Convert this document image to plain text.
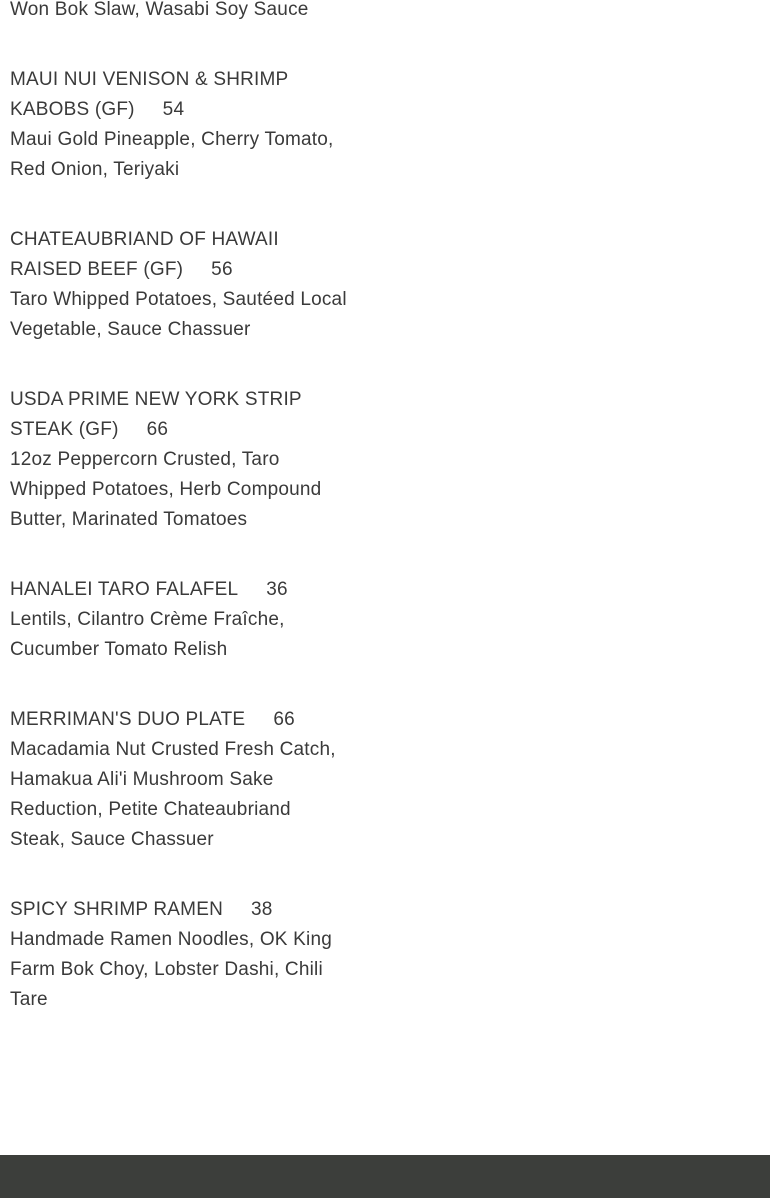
Won Bok Slaw, Wasabi Soy Sauce
MAUI NUI VENISON & SHRIMP KABOBS (GF) 54
Maui Gold Pineapple, Cherry Tomato, Red Onion, Teriyaki
CHATEAUBRIAND OF HAWAII RAISED BEEF (GF) 56
Taro Whipped Potatoes, Sautéed Local Vegetable, Sauce Chassuer
USDA PRIME NEW YORK STRIP STEAK (GF) 66
12oz Peppercorn Crusted, Taro Whipped Potatoes, Herb Compound Butter, Marinated Tomatoes
HANALEI TARO FALAFEL 36
Lentils, Cilantro Crème Fraîche, Cucumber Tomato Relish
MERRIMAN'S DUO PLATE 66
Macadamia Nut Crusted Fresh Catch, Hamakua Ali'i Mushroom Sake Reduction, Petite Chateaubriand Steak, Sauce Chassuer
SPICY SHRIMP RAMEN 38
Handmade Ramen Noodles, OK King Farm Bok Choy, Lobster Dashi, Chili Tare
